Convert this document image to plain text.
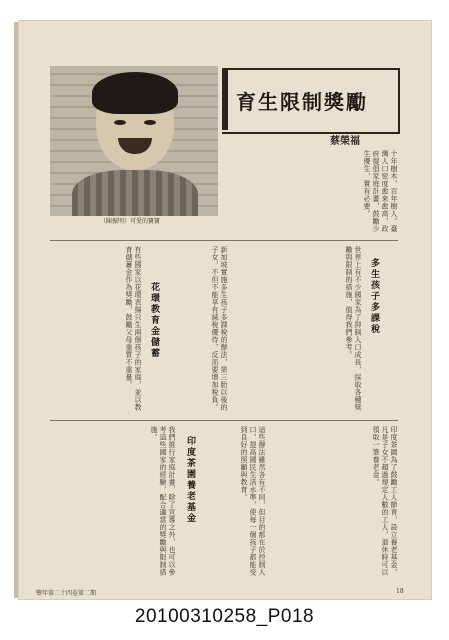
（陳振明）可愛的寶寶
育生限制獎勵
蔡榮福
十年樹木，百年樹人。臺灣人口密度愈來愈高，政府提倡家庭計畫，鼓勵少生優生，實有必要。
多生孩子多課稅
世界上有不少國家為了抑制人口成長，採取各種獎勵與限制的措施，值得我們參考。
新加坡實施多生孩子多課稅的辦法，第三胎以後的子女，不但不能享有減稅優待，反而要增加稅負。
花環教育金儲蓄
有些國家以花環表揚只生兩個孩子的家庭，並以教育儲蓄金作為獎勵，鼓勵父母重質不重量。
印度茶園為了鼓勵工人節育，設立養老基金，凡是子女不超過規定人數的工人，退休時可以領取一筆養老金。
這些辦法雖然各有不同，但目的都在於控制人口，提高國民生活水準，使每一個孩子都能受到良好的照顧與教育。
印度茶園養老基金
我們推行家庭計畫，除了宣導之外，也可以參考這些國家的經驗，配合適當的獎勵與限制措施。
豐年第二十四卷第二期	18
20100310258_P018
